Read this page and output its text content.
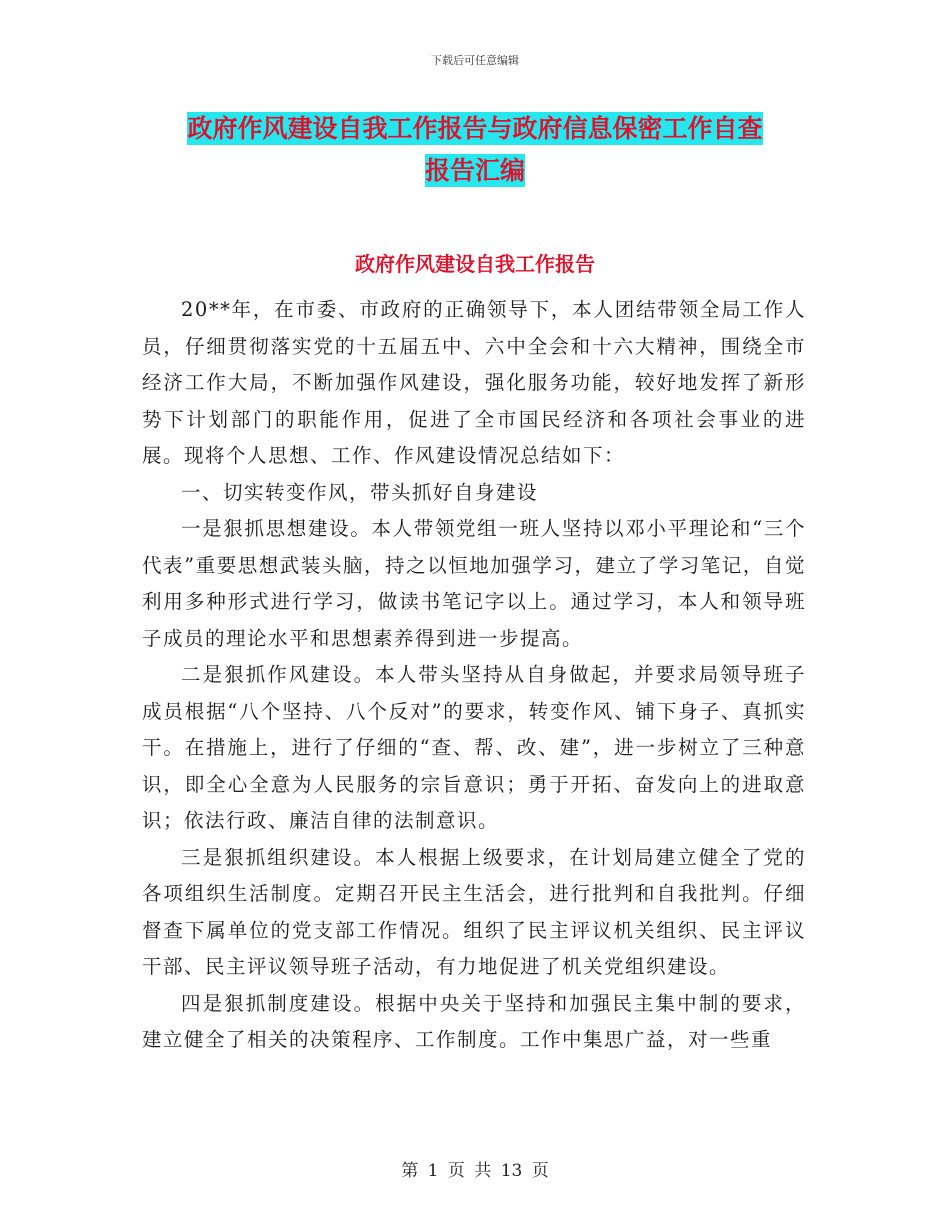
下载后可任意编辑
政府作风建设自我工作报告与政府信息保密工作自查
报告汇编
政府作风建设自我工作报告

20**年，在市委、市政府的正确领导下，本人团结带领全局工作人员，仔细贯彻落实党的十五届五中、六中全会和十六大精神，围绕全市经济工作大局，不断加强作风建设，强化服务功能，较好地发挥了新形势下计划部门的职能作用，促进了全市国民经济和各项社会事业的进展。现将个人思想、工作、作风建设情况总结如下：

一、切实转变作风，带头抓好自身建设

一是狠抓思想建设。本人带领党组一班人坚持以邓小平理论和“三个代表”重要思想武装头脑，持之以恒地加强学习，建立了学习笔记，自觉利用多种形式进行学习，做读书笔记字以上。通过学习，本人和领导班子成员的理论水平和思想素养得到进一步提高。

二是狠抓作风建设。本人带头坚持从自身做起，并要求局领导班子成员根据“八个坚持、八个反对”的要求，转变作风、铺下身子、真抓实干。在措施上，进行了仔细的“查、帮、改、建”，进一步树立了三种意识，即全心全意为人民服务的宗旨意识；勇于开拓、奋发向上的进取意识；依法行政、廉洁自律的法制意识。

三是狠抓组织建设。本人根据上级要求，在计划局建立健全了党的各项组织生活制度。定期召开民主生活会，进行批判和自我批判。仔细督查下属单位的党支部工作情况。组织了民主评议机关组织、民主评议干部、民主评议领导班子活动，有力地促进了机关党组织建设。

四是狠抓制度建设。根据中央关于坚持和加强民主集中制的要求，建立健全了相关的决策程序、工作制度。工作中集思广益，对一些重

第 1 页 共 13 页
